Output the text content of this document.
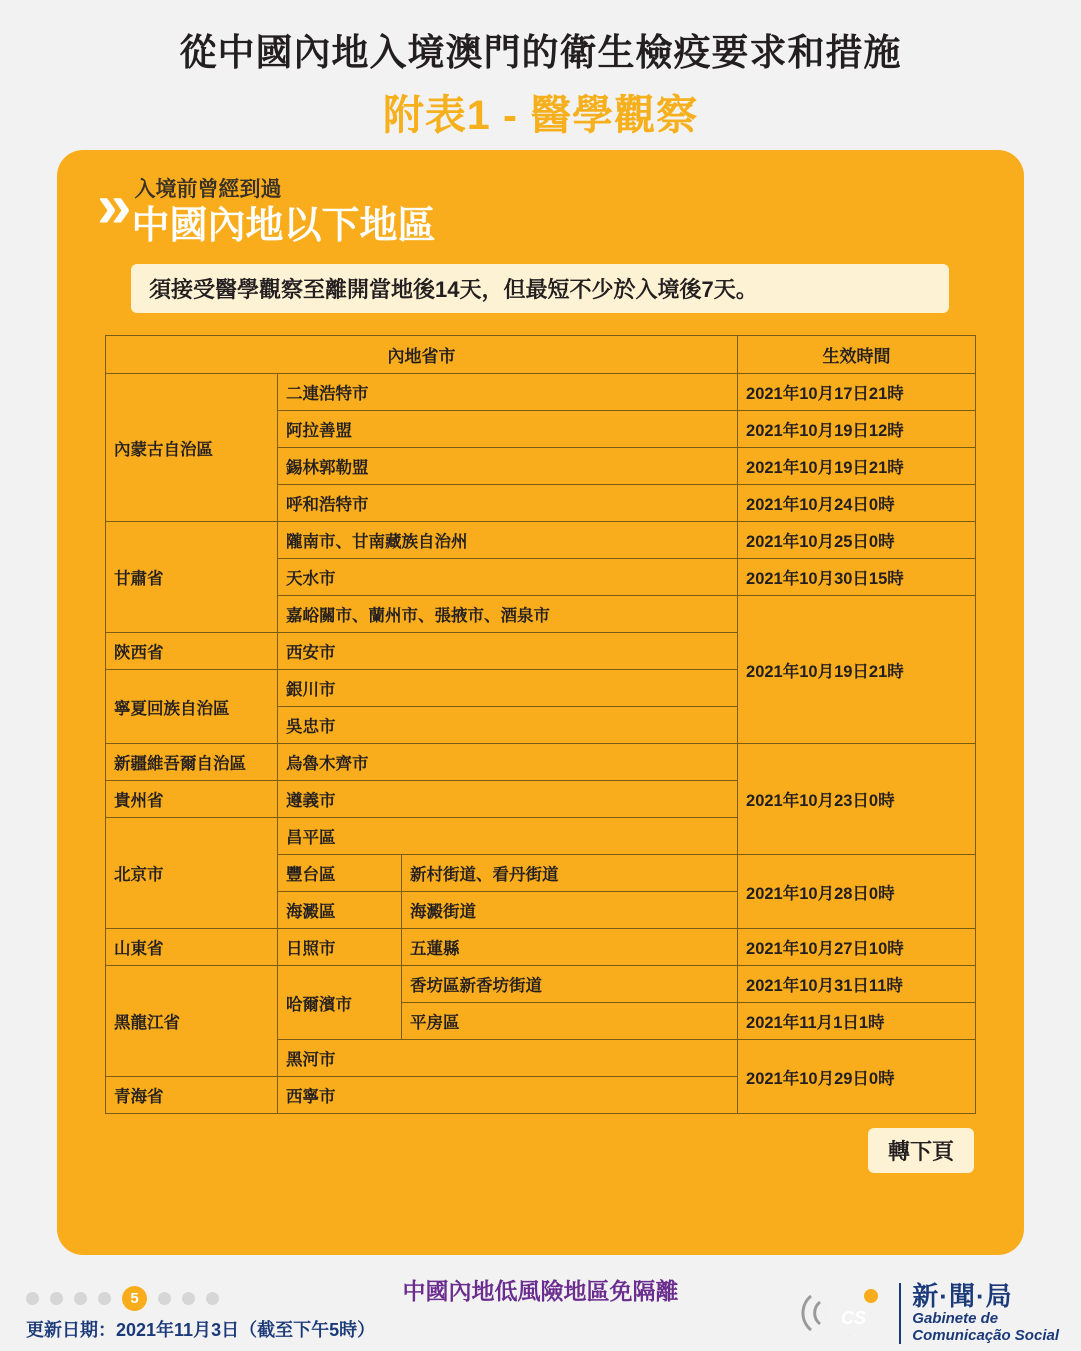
從中國內地入境澳門的衛生檢疫要求和措施
附表1 - 醫學觀察
» 入境前曾經到過
中國內地以下地區
須接受醫學觀察至離開當地後14天，但最短不少於入境後7天。
內地省市			生效時間
內蒙古自治區	二連浩特市		2021年10月17日21時
	阿拉善盟		2021年10月19日12時
	錫林郭勒盟		2021年10月19日21時
	呼和浩特市		2021年10月24日0時
甘肅省	隴南市、甘南藏族自治州		2021年10月25日0時
	天水市		2021年10月30日15時
	嘉峪關市、蘭州市、張掖市、酒泉市		2021年10月19日21時
陝西省	西安市		
寧夏回族自治區	銀川市		
	吳忠市		
新疆維吾爾自治區	烏魯木齊市		2021年10月23日0時
貴州省	遵義市		
北京市	昌平區		
	豐台區	新村街道、看丹街道	2021年10月28日0時
	海澱區	海澱街道	
山東省	日照市	五蓮縣	2021年10月27日10時
黑龍江省	哈爾濱市	香坊區新香坊街道	2021年10月31日11時
		平房區	2021年11月1日1時
	黑河市		2021年10月29日0時
青海省	西寧市		
轉下頁
中國內地低風險地區免隔離
5
更新日期：2021年11月3日（截至下午5時）
CS
新·聞·局
Gabinete de
Comunicação Social
